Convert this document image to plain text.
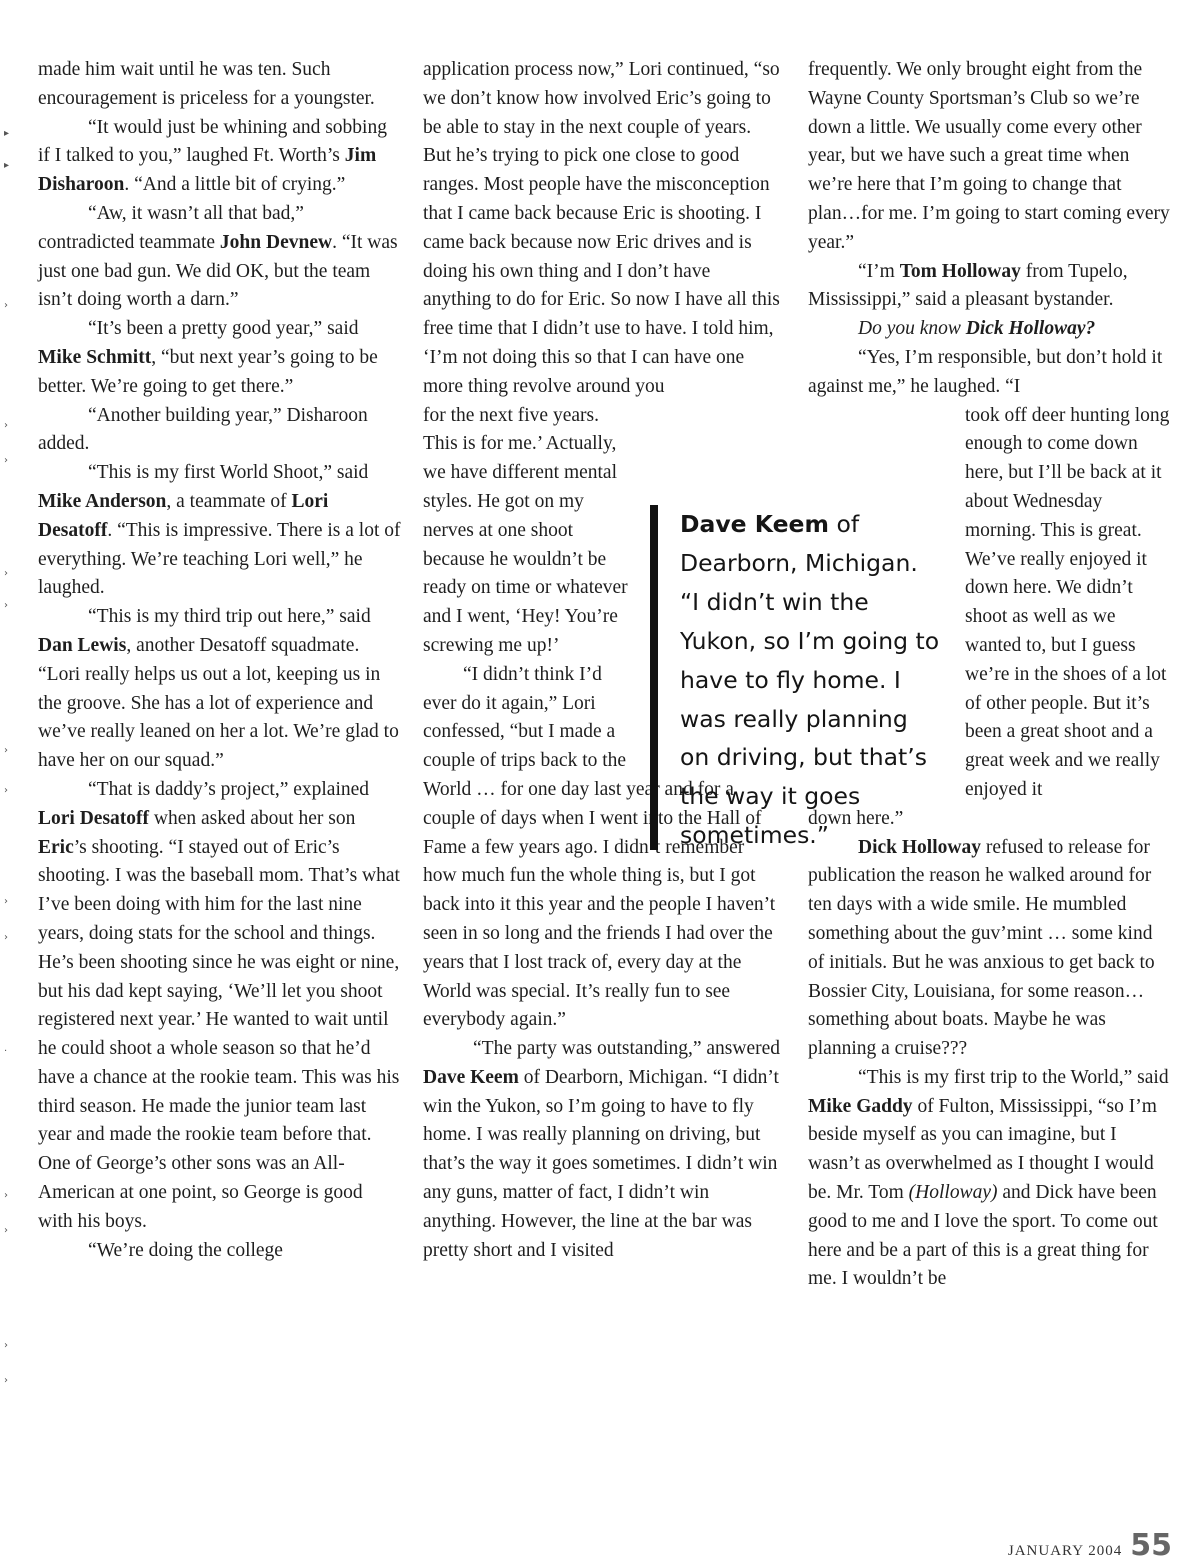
▸
▸
›
›
›
›
›
›
›
›
›
·
›
›
›
›

made him wait until he was ten. Such encouragement is priceless for a youngster.

“It would just be whining and sobbing if I talked to you,” laughed Ft. Worth’s Jim Disharoon. “And a little bit of crying.”

“Aw, it wasn’t all that bad,” contradicted teammate John Devnew. “It was just one bad gun. We did OK, but the team isn’t doing worth a darn.”

“It’s been a pretty good year,” said Mike Schmitt, “but next year’s going to be better. We’re going to get there.”

“Another building year,” Disharoon added.

“This is my first World Shoot,” said Mike Anderson, a teammate of Lori Desatoff. “This is impressive. There is a lot of everything. We’re teaching Lori well,” he laughed.

“This is my third trip out here,” said Dan Lewis, another Desatoff squadmate. “Lori really helps us out a lot, keeping us in the groove. She has a lot of experience and we’ve really leaned on her a lot. We’re glad to have her on our squad.”

“That is daddy’s project,” explained Lori Desatoff when asked about her son Eric’s shooting. “I stayed out of Eric’s shooting. I was the baseball mom. That’s what I’ve been doing with him for the last nine years, doing stats for the school and things. He’s been shooting since he was eight or nine, but his dad kept saying, ‘We’ll let you shoot registered next year.’ He wanted to wait until he could shoot a whole season so that he’d have a chance at the rookie team. This was his third season. He made the junior team last year and made the rookie team before that. One of George’s other sons was an All-American at one point, so George is good with his boys.

“We’re doing the college

application process now,” Lori continued, “so we don’t know how involved Eric’s going to be able to stay in the next couple of years. But he’s trying to pick one close to good ranges. Most people have the misconception that I came back because Eric is shooting. I came back because now Eric drives and is doing his own thing and I don’t have anything to do for Eric. So now I have all this free time that I didn’t use to have. I told him, ‘I’m not doing this so that I can have one more thing revolve around you

for the next five years. This is for me.’ Actually, we have different mental styles. He got on my nerves at one shoot because he wouldn’t be ready on time or whatever and I went, ‘Hey! You’re screwing me up!’

“I didn’t think I’d ever do it again,” Lori confessed, “but I made a couple of trips back to the

World … for one day last year and for a couple of days when I went into the Hall of Fame a few years ago. I didn’t remember how much fun the whole thing is, but I got back into it this year and the people I haven’t seen in so long and the friends I had over the years that I lost track of, every day at the World was special. It’s really fun to see everybody again.”

“The party was outstanding,” answered Dave Keem of Dearborn, Michigan. “I didn’t win the Yukon, so I’m going to have to fly home. I was really planning on driving, but that’s the way it goes sometimes. I didn’t win any guns, matter of fact, I didn’t win anything. However, the line at the bar was pretty short and I visited

Dave Keem of Dearborn, Michigan. “I didn’t win the Yukon, so I’m going to have to fly home. I was really planning on driving, but that’s the way it goes sometimes.”

frequently. We only brought eight from the Wayne County Sportsman’s Club so we’re down a little. We usually come every other year, but we have such a great time when we’re here that I’m going to change that plan…for me. I’m going to start coming every year.”

“I’m Tom Holloway from Tupelo, Mississippi,” said a pleasant bystander.

Do you know Dick Holloway?

“Yes, I’m responsible, but don’t hold it against me,” he laughed. “I

took off deer hunting long enough to come down here, but I’ll be back at it about Wednesday morning. This is great. We’ve really enjoyed it down here. We didn’t shoot as well as we wanted to, but I guess we’re in the shoes of a lot of other people. But it’s been a great shoot and a great week and we really enjoyed it

down here.”

Dick Holloway refused to release for publication the reason he walked around for ten days with a wide smile. He mumbled something about the guv’mint … some kind of initials. But he was anxious to get back to Bossier City, Louisiana, for some reason… something about boats. Maybe he was planning a cruise???

“This is my first trip to the World,” said Mike Gaddy of Fulton, Mississippi, “so I’m beside myself as you can imagine, but I wasn’t as overwhelmed as I thought I would be. Mr. Tom (Holloway) and Dick have been good to me and I love the sport. To come out here and be a part of this is a great thing for me. I wouldn’t be

JANUARY 2004 55
